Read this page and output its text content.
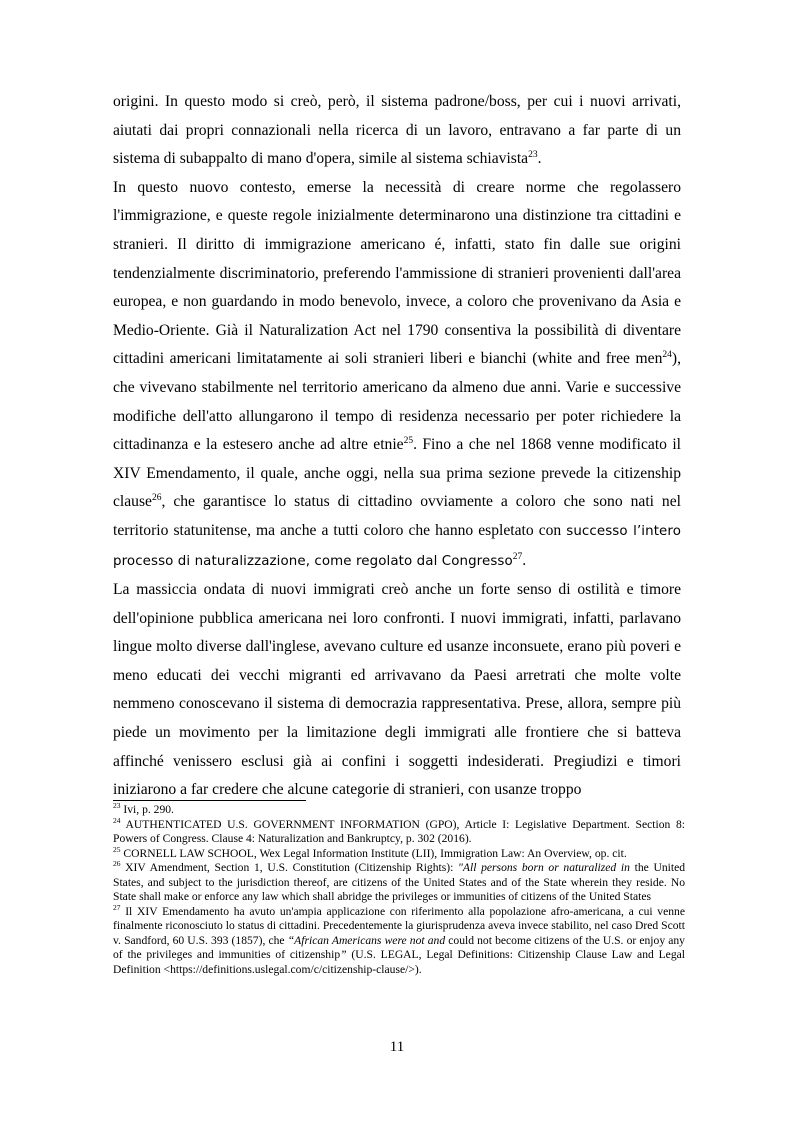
origini. In questo modo si creò, però, il sistema padrone/boss, per cui i nuovi arrivati, aiutati dai propri connazionali nella ricerca di un lavoro, entravano a far parte di un sistema di subappalto di mano d'opera, simile al sistema schiavista$^{23}$.

In questo nuovo contesto, emerse la necessità di creare norme che regolassero l'immigrazione, e queste regole inizialmente determinarono una distinzione tra cittadini e stranieri. Il diritto di immigrazione americano é, infatti, stato fin dalle sue origini tendenzialmente discriminatorio, preferendo l'ammissione di stranieri provenienti dall'area europea, e non guardando in modo benevolo, invece, a coloro che provenivano da Asia e Medio-Oriente. Già il Naturalization Act nel 1790 consentiva la possibilità di diventare cittadini americani limitatamente ai soli stranieri liberi e bianchi (white and free men$^{24}$), che vivevano stabilmente nel territorio americano da almeno due anni. Varie e successive modifiche dell'atto allungarono il tempo di residenza necessario per poter richiedere la cittadinanza e la estesero anche ad altre etnie$^{25}$. Fino a che nel 1868 venne modificato il XIV Emendamento, il quale, anche oggi, nella sua prima sezione prevede la citizenship clause$^{26}$, che garantisce lo status di cittadino ovviamente a coloro che sono nati nel territorio statunitense, ma anche a tutti coloro che hanno espletato con successo l’intero processo di naturalizzazione, come regolato dal Congresso$^{27}$.

La massiccia ondata di nuovi immigrati creò anche un forte senso di ostilità e timore dell'opinione pubblica americana nei loro confronti. I nuovi immigrati, infatti, parlavano lingue molto diverse dall'inglese, avevano culture ed usanze inconsuete, erano più poveri e meno educati dei vecchi migranti ed arrivavano da Paesi arretrati che molte volte nemmeno conoscevano il sistema di democrazia rappresentativa. Prese, allora, sempre più piede un movimento per la limitazione degli immigrati alle frontiere che si batteva affinché venissero esclusi già ai confini i soggetti indesiderati. Pregiudizi e timori iniziarono a far credere che alcune categorie di stranieri, con usanze troppo

$^{23}$ Ivi, p. 290.

$^{24}$ AUTHENTICATED U.S. GOVERNMENT INFORMATION (GPO), Article I: Legislative Department. Section 8: Powers of Congress. Clause 4: Naturalization and Bankruptcy, p. 302 (2016).

$^{25}$ CORNELL LAW SCHOOL, Wex Legal Information Institute (LII), Immigration Law: An Overview, op. cit.

$^{26}$ XIV Amendment, Section 1, U.S. Constitution (Citizenship Rights): "All persons born or naturalized in the United States, and subject to the jurisdiction thereof, are citizens of the United States and of the State wherein they reside. No State shall make or enforce any law which shall abridge the privileges or immunities of citizens of the United States

$^{27}$ Il XIV Emendamento ha avuto un'ampia applicazione con riferimento alla popolazione afro-americana, a cui venne finalmente riconosciuto lo status di cittadini. Precedentemente la giurisprudenza aveva invece stabilito, nel caso Dred Scott v. Sandford, 60 U.S. 393 (1857), che “African Americans were not and could not become citizens of the U.S. or enjoy any of the privileges and immunities of citizenship” (U.S. LEGAL, Legal Definitions: Citizenship Clause Law and Legal Definition <https://definitions.uslegal.com/c/citizenship-clause/>).

11
